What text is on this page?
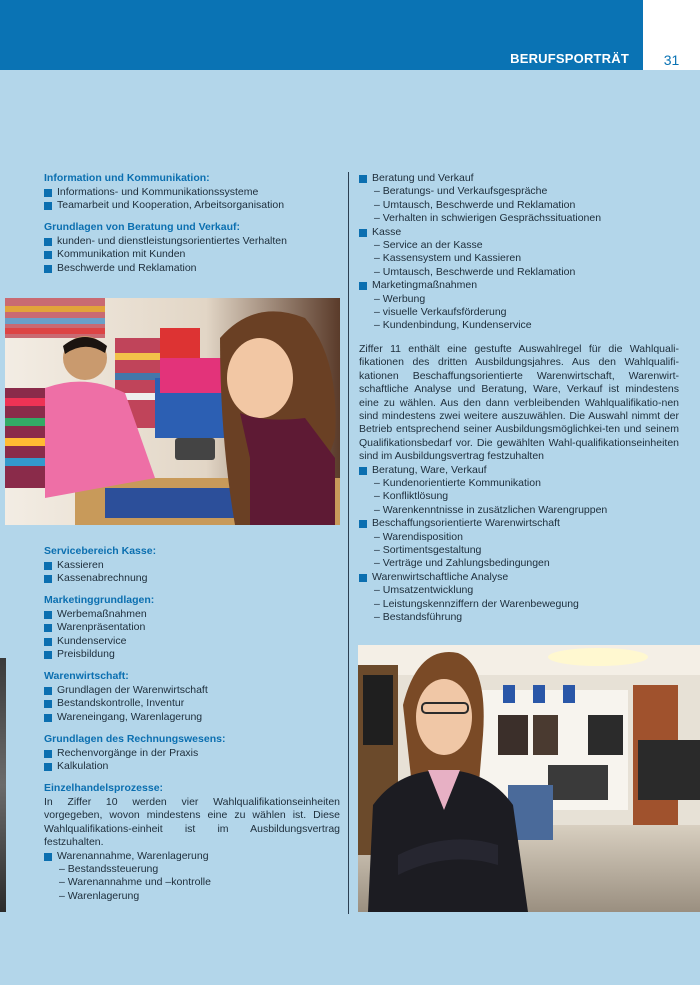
BERUFSPORTRÄT	31
Information und Kommunikation:
Informations- und Kommunikationssysteme
Teamarbeit und Kooperation, Arbeitsorganisation
Grundlagen von Beratung und Verkauf:
kunden- und dienstleistungsorientiertes Verhalten
Kommunikation mit Kunden
Beschwerde und Reklamation
Servicebereich Kasse:
Kassieren
Kassenabrechnung
Marketinggrundlagen:
Werbemaßnahmen
Warenpräsentation
Kundenservice
Preisbildung
Warenwirtschaft:
Grundlagen der Warenwirtschaft
Bestandskontrolle, Inventur
Wareneingang, Warenlagerung
Grundlagen des Rechnungswesens:
Rechenvorgänge in der Praxis
Kalkulation
Einzelhandelsprozesse:

In Ziffer 10 werden vier Wahlqualifikationseinheiten vorgegeben, wovon mindestens eine zu wählen ist. Diese Wahlqualifikations-einheit ist im Ausbildungsvertrag festzuhalten.

Warenannahme, Warenlagerung
– Bestandssteuerung
– Warenannahme und –kontrolle
– Warenlagerung
Beratung und Verkauf
– Beratungs- und Verkaufsgespräche
– Umtausch, Beschwerde und Reklamation
– Verhalten in schwierigen Gesprächssituationen
Kasse
– Service an der Kasse
– Kassensystem und Kassieren
– Umtausch, Beschwerde und Reklamation
Marketingmaßnahmen
– Werbung
– visuelle Verkaufsförderung
– Kundenbindung, Kundenservice

Ziffer 11 enthält eine gestufte Auswahlregel für die Wahlquali-fikationen des dritten Ausbildungsjahres. Aus den Wahlqualifi-kationen Beschaffungsorientierte Warenwirtschaft, Warenwirt-schaftliche Analyse und Beratung, Ware, Verkauf ist mindestens eine zu wählen. Aus den dann verbleibenden Wahlqualifikatio-nen sind mindestens zwei weitere auszuwählen. Die Auswahl nimmt der Betrieb entsprechend seiner Ausbildungsmöglichkei-ten und seinem Qualifikationsbedarf vor. Die gewählten Wahl-qualifikationseinheiten sind im Ausbildungsvertrag festzuhalten

Beratung, Ware, Verkauf
– Kundenorientierte Kommunikation
– Konfliktlösung
– Warenkenntnisse in zusätzlichen Warengruppen
Beschaffungsorientierte Warenwirtschaft
– Warendisposition
– Sortimentsgestaltung
– Verträge und Zahlungsbedingungen
Warenwirtschaftliche Analyse
– Umsatzentwicklung
– Leistungskennziffern der Warenbewegung
– Bestandsführung
